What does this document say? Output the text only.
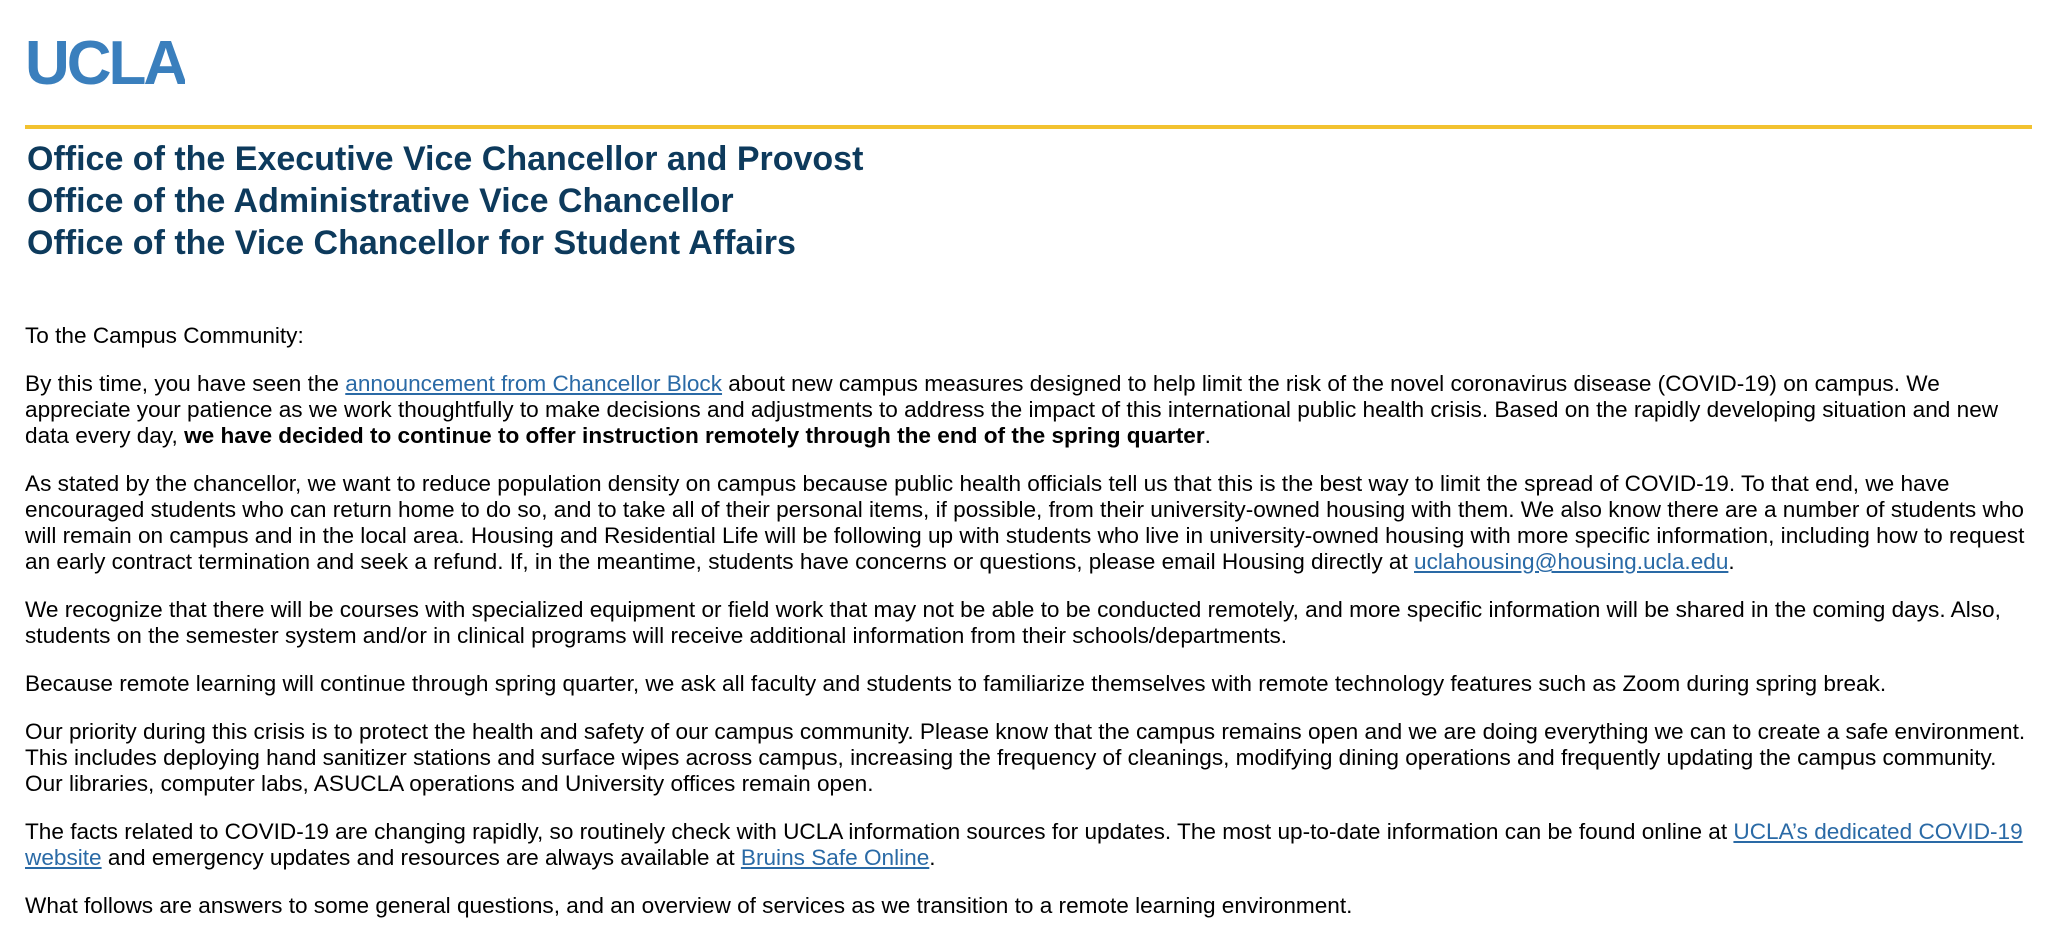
UCLA
Office of the Executive Vice Chancellor and Provost
Office of the Administrative Vice Chancellor
Office of the Vice Chancellor for Student Affairs

To the Campus Community:

By this time, you have seen the announcement from Chancellor Block about new campus measures designed to help limit the risk of the novel coronavirus disease (COVID-19) on campus. We appreciate your patience as we work thoughtfully to make decisions and adjustments to address the impact of this international public health crisis. Based on the rapidly developing situation and new data every day, we have decided to continue to offer instruction remotely through the end of the spring quarter.

As stated by the chancellor, we want to reduce population density on campus because public health officials tell us that this is the best way to limit the spread of COVID-19. To that end, we have encouraged students who can return home to do so, and to take all of their personal items, if possible, from their university-owned housing with them. We also know there are a number of students who will remain on campus and in the local area. Housing and Residential Life will be following up with students who live in university-owned housing with more specific information, including how to request an early contract termination and seek a refund. If, in the meantime, students have concerns or questions, please email Housing directly at uclahousing@housing.ucla.edu.

We recognize that there will be courses with specialized equipment or field work that may not be able to be conducted remotely, and more specific information will be shared in the coming days. Also, students on the semester system and/or in clinical programs will receive additional information from their schools/departments.

Because remote learning will continue through spring quarter, we ask all faculty and students to familiarize themselves with remote technology features such as Zoom during spring break.

Our priority during this crisis is to protect the health and safety of our campus community. Please know that the campus remains open and we are doing everything we can to create a safe environment. This includes deploying hand sanitizer stations and surface wipes across campus, increasing the frequency of cleanings, modifying dining operations and frequently updating the campus community. Our libraries, computer labs, ASUCLA operations and University offices remain open.

The facts related to COVID-19 are changing rapidly, so routinely check with UCLA information sources for updates. The most up-to-date information can be found online at UCLA’s dedicated COVID-19 website and emergency updates and resources are always available at Bruins Safe Online.

What follows are answers to some general questions, and an overview of services as we transition to a remote learning environment.
